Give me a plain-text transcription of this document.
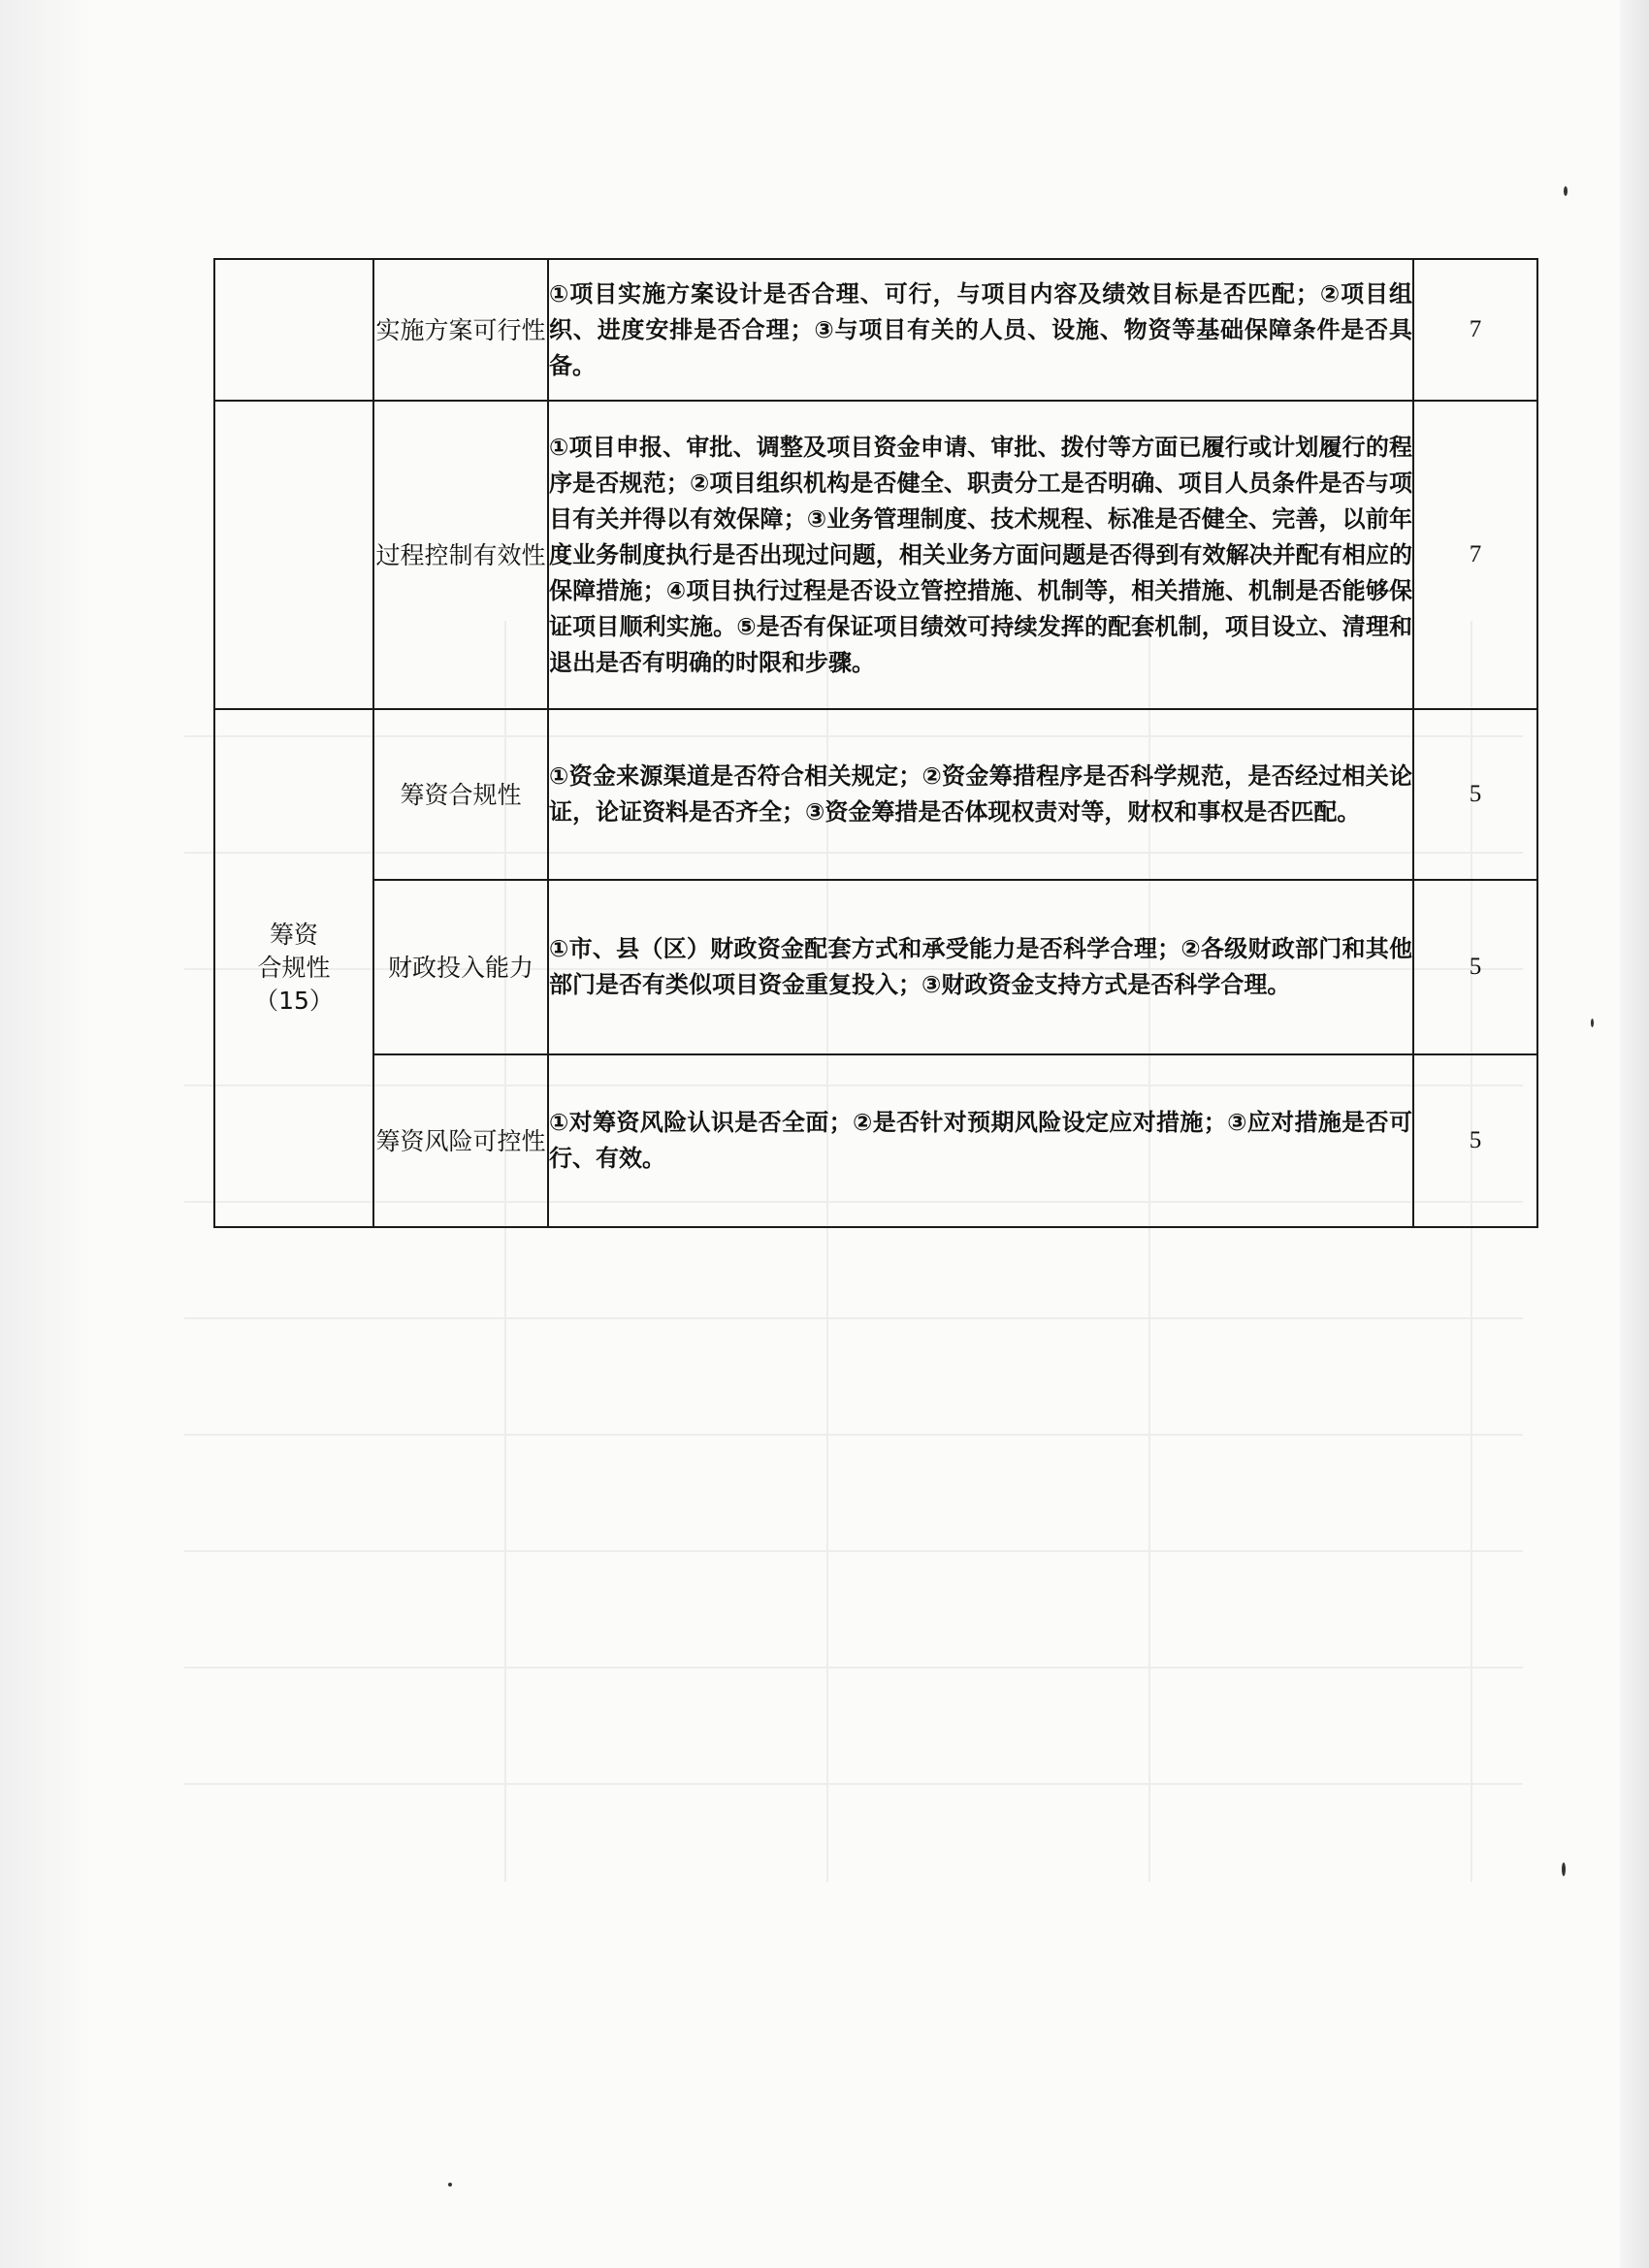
	实施方案可行性	①项目实施方案设计是否合理、可行，与项目内容及绩效目标是否匹配；②项目组织、进度安排是否合理；③与项目有关的人员、设施、物资等基础保障条件是否具备。	7
	过程控制有效性	①项目申报、审批、调整及项目资金申请、审批、拨付等方面已履行或计划履行的程序是否规范；②项目组织机构是否健全、职责分工是否明确、项目人员条件是否与项目有关并得以有效保障；③业务管理制度、技术规程、标准是否健全、完善，以前年度业务制度执行是否出现过问题，相关业务方面问题是否得到有效解决并配有相应的保障措施；④项目执行过程是否设立管控措施、机制等，相关措施、机制是否能够保证项目顺利实施。⑤是否有保证项目绩效可持续发挥的配套机制，项目设立、清理和退出是否有明确的时限和步骤。	7

筹资
合规性
（15）	筹资合规性	①资金来源渠道是否符合相关规定；②资金筹措程序是否科学规范，是否经过相关论证，论证资料是否齐全；③资金筹措是否体现权责对等，财权和事权是否匹配。	5
	财政投入能力	①市、县（区）财政资金配套方式和承受能力是否科学合理；②各级财政部门和其他部门是否有类似项目资金重复投入；③财政资金支持方式是否科学合理。	5
	筹资风险可控性	①对筹资风险认识是否全面；②是否针对预期风险设定应对措施；③应对措施是否可行、有效。	5
